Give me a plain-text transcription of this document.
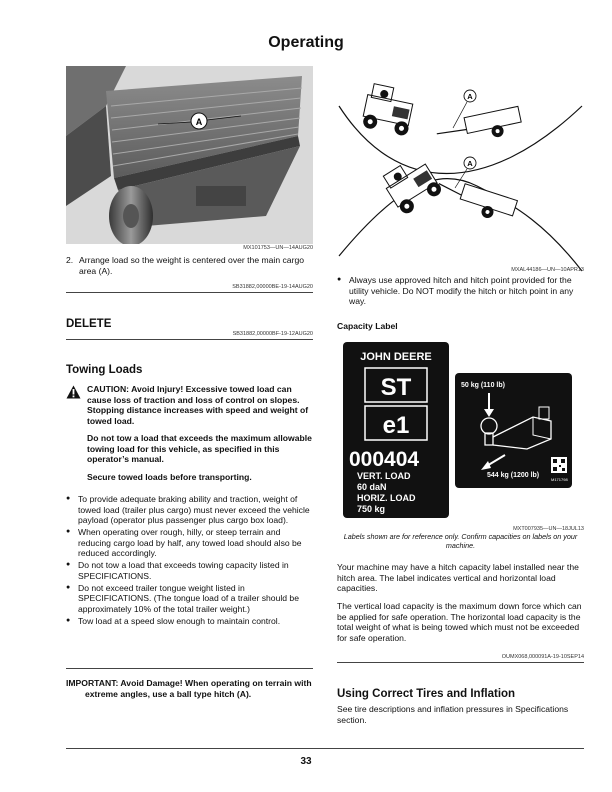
Operating
A
MX101753—UN—14AUG20
2. Arrange load so the weight is centered over the main cargo area (A).
SB31882,00000BE-19-14AUG20
DELETE
SB31882,00000BF-19-12AUG20
Towing Loads
CAUTION: Avoid Injury! Excessive towed load can cause loss of traction and loss of control on slopes. Stopping distance increases with speed and weight of towed load.
Do not tow a load that exceeds the maximum allowable towing load for this vehicle, as specified in this operator’s manual.
Secure towed loads before transporting.
● To provide adequate braking ability and traction, weight of towed load (trailer plus cargo) must never exceed the vehicle payload (operator plus passenger plus cargo box load).
● When operating over rough, hilly, or steep terrain and reducing cargo load by half, any towed load should also be reduced accordingly.
● Do not tow a load that exceeds towing capacity listed in SPECIFICATIONS.
● Do not exceed trailer tongue weight listed in SPECIFICATIONS. (The tongue load of a trailer should be approximately 10% of the total trailer weight.)
● Tow load at a speed slow enough to maintain control.
IMPORTANT: Avoid Damage! When operating on terrain with extreme angles, use a ball type hitch (A).
A
A
MXAL44186—UN—10APR13
● Always use approved hitch and hitch point provided for the utility vehicle. Do NOT modify the hitch or hitch point in any way.
Capacity Label
JOHN DEERE
ST
e1
000404
VERT. LOAD
60 daN
HORIZ. LOAD
750 kg
50 kg (110 lb)
544 kg (1200 lb)
M171798
MXT007935—UN—18JUL13
Labels shown are for reference only. Confirm capacities on labels on your machine.
Your machine may have a hitch capacity label installed near the hitch area. The label indicates vertical and horizontal load capacities.
The vertical load capacity is the maximum down force which can be applied for safe operation. The horizontal load capacity is the total weight of what is being towed which must not be exceeded for safe operation.
OUMX068,000091A-19-10SEP14
Using Correct Tires and Inflation
See tire descriptions and inflation pressures in Specifications section.
33
